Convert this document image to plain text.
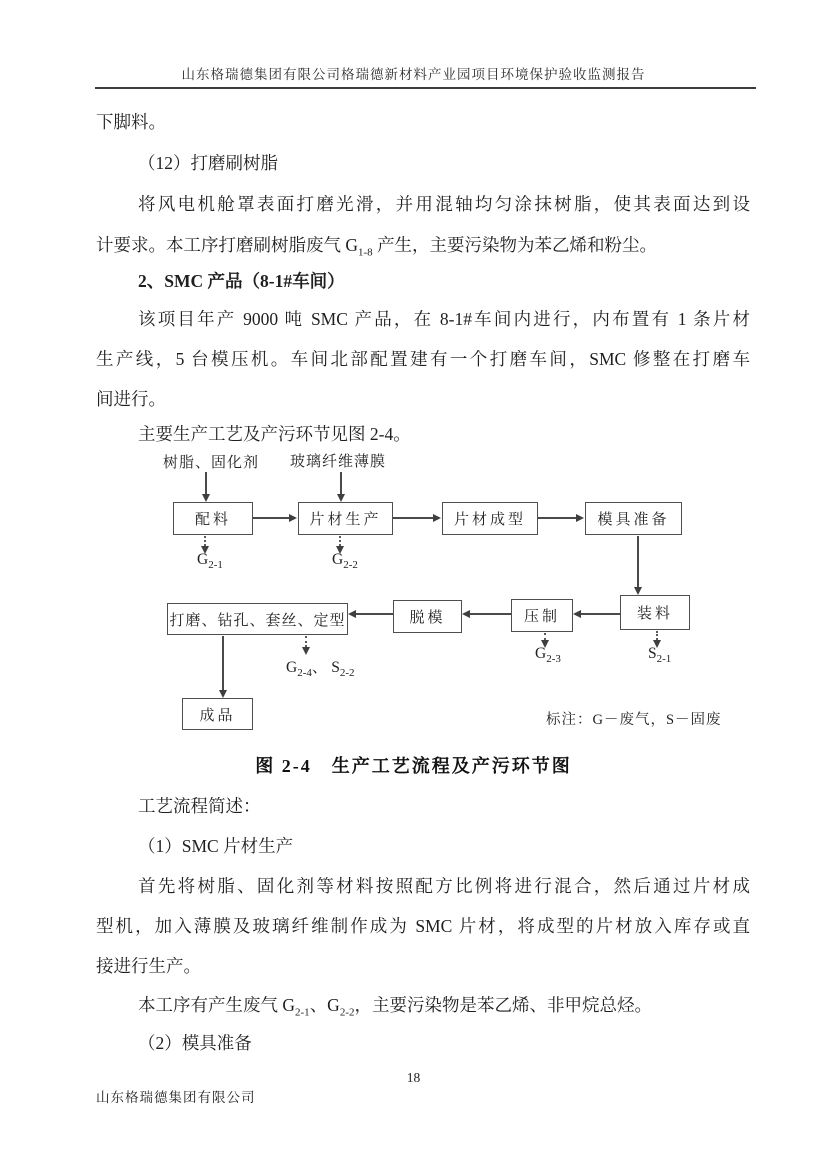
山东格瑞德集团有限公司格瑞德新材料产业园项目环境保护验收监测报告
下脚料。
（12）打磨刷树脂
将风电机舱罩表面打磨光滑，并用混轴均匀涂抹树脂，使其表面达到设
计要求。本工序打磨刷树脂废气 $G_{1-8}$ 产生，主要污染物为苯乙烯和粉尘。
2、SMC 产品（8-1#车间）
该项目年产 9000 吨 SMC 产品，在 8-1#车间内进行，内布置有 1 条片材
生产线，5 台模压机。车间北部配置建有一个打磨车间，SMC 修整在打磨车
间进行。
主要生产工艺及产污环节见图 2-4。
树脂、固化剂 玻璃纤维薄膜
配料	片材生产	片材成型	模具准备
$G_{2-1}$	$G_{2-2}$
装料
压制
脱模
打磨、钻孔、套丝、定型
$S_{2-1}$
$G_{2-3}$
$G_{2-4}$、 $S_{2-2}$
成品	标注：G－废气，S－固废
图 2-4　生产工艺流程及产污环节图
工艺流程简述：
（1）SMC 片材生产
首先将树脂、固化剂等材料按照配方比例将进行混合，然后通过片材成
型机，加入薄膜及玻璃纤维制作成为 SMC 片材，将成型的片材放入库存或直
接进行生产。
本工序有产生废气 $G_{2-1}$、$G_{2-2}$，主要污染物是苯乙烯、非甲烷总烃。
（2）模具准备
18
山东格瑞德集团有限公司
